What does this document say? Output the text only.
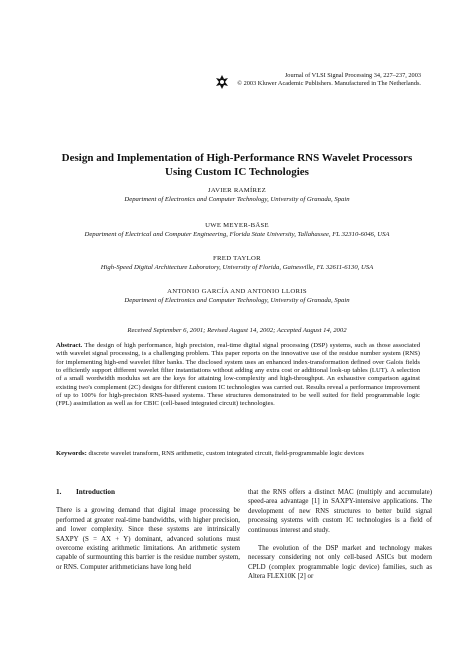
Journal of VLSI Signal Processing 34, 227–237, 2003
© 2003 Kluwer Academic Publishers. Manufactured in The Netherlands.
Design and Implementation of High-Performance RNS Wavelet Processors
Using Custom IC Technologies
JAVIER RAMÍREZ
Department of Electronics and Computer Technology, University of Granada, Spain
UWE MEYER-BÄSE
Department of Electrical and Computer Engineering, Florida State University, Tallahassee, FL 32310-6046, USA
FRED TAYLOR
High-Speed Digital Architecture Laboratory, University of Florida, Gainesville, FL 32611-6130, USA
ANTONIO GARCÍA AND ANTONIO LLORIS
Department of Electronics and Computer Technology, University of Granada, Spain
Received September 6, 2001; Revised August 14, 2002; Accepted August 14, 2002
Abstract. The design of high performance, high precision, real-time digital signal processing (DSP) systems, such as those associated with wavelet signal processing, is a challenging problem. This paper reports on the innovative use of the residue number system (RNS) for implementing high-end wavelet filter banks. The disclosed system uses an enhanced index-transformation defined over Galois fields to efficiently support different wavelet filter instantiations without adding any extra cost or additional look-up tables (LUT). A selection of a small wordwidth modulus set are the keys for attaining low-complexity and high-throughput. An exhaustive comparison against existing two's complement (2C) designs for different custom IC technologies was carried out. Results reveal a performance improvement of up to 100% for high-precision RNS-based systems. These structures demonstrated to be well suited for field programmable logic (FPL) assimilation as well as for CBIC (cell-based integrated circuit) technologies.
Keywords: discrete wavelet transform, RNS arithmetic, custom integrated circuit, field-programmable logic devices
1. Introduction

There is a growing demand that digital image processing be performed at greater real-time bandwidths, with higher precision, and lower complexity. Since these systems are intrinsically SAXPY (S = AX + Y) dominant, advanced solutions must overcome existing arithmetic limitations. An arithmetic system capable of surmounting this barrier is the residue number system, or RNS. Computer arithmeticians have long held

that the RNS offers a distinct MAC (multiply and accumulate) speed-area advantage [1] in SAXPY-intensive applications. The development of new RNS structures to better build signal processing systems with custom IC technologies is a field of continuous interest and study.

The evolution of the DSP market and technology makes necessary considering not only cell-based ASICs but modern CPLD (complex programmable logic device) families, such as Altera FLEX10K [2] or
